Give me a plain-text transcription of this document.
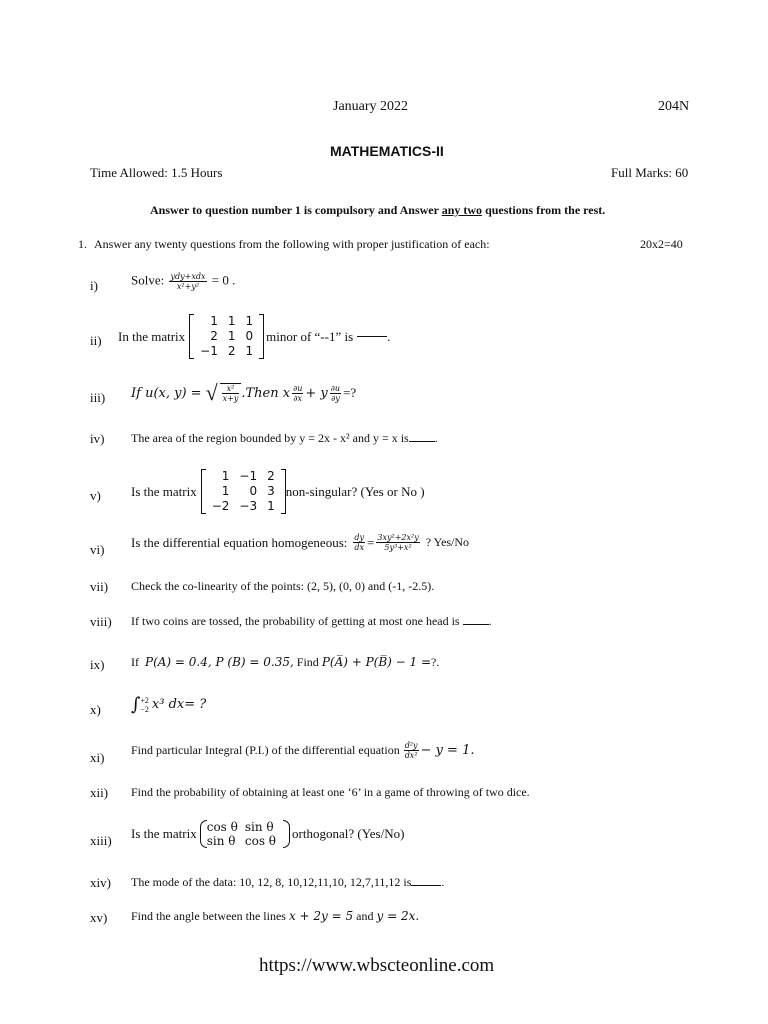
January 2022	204N
MATHEMATICS-II
Time Allowed: 1.5 Hours	Full Marks: 60
Answer to question number 1 is compulsory and Answer any two questions from the rest.
1. Answer any twenty questions from the following with proper justification of each:	20x2=40
i)	Solve: $\frac{\text{ydy+xdx}}{\text{x²+y²}} = 0$ .
ii)	In the matrix
1	1	1
2	1	0
−1	2	1
minor of “--1” is	.
iii)	If u(x, y) = √ $\frac{\text{x²}}{x+y}$ .Then x $\frac{\partial u}{\partial x} + y \frac{\partial u}{\partial y}$ =?
iv)	The area of the region bounded by y = 2x - x² and y = x is .
v)	Is the matrix
1	−1	2
1	0	3
−2	−3	1
non-singular? (Yes or No )
vi)	Is the differential equation homogeneous: $\frac{dy}{dx} = \frac{\text{3xy²+2x²y}}{\text{5y³+x²}}$ ? Yes/No
vii)	Check the co-linearity of the points: (2, 5), (0, 0) and (-1, -2.5).
viii)	If two coins are tossed, the probability of getting at most one head is .
ix)	If P(A) = 0.4, P (B) = 0.35, Find P(A̅) + P(B̅) − 1 =?.
x)	∫ +2
−2 x³ dx= ?
xi)	Find particular Integral (P.I.) of the differential equation $\frac{\text{d²y}}{\text{dx²}} - y = 1$.
xii)	Find the probability of obtaining at least one ‘6’ in a game of throwing of two dice.
xiii)	Is the matrix cos θ	sin θ
sin θ	cos θ orthogonal? (Yes/No)
xiv)	The mode of the data: 10, 12, 8, 10,12,11,10, 12,7,11,12 is	.
xv)	Find the angle between the lines x + 2y = 5 and y = 2x.
https://www.wbscteonline.com
